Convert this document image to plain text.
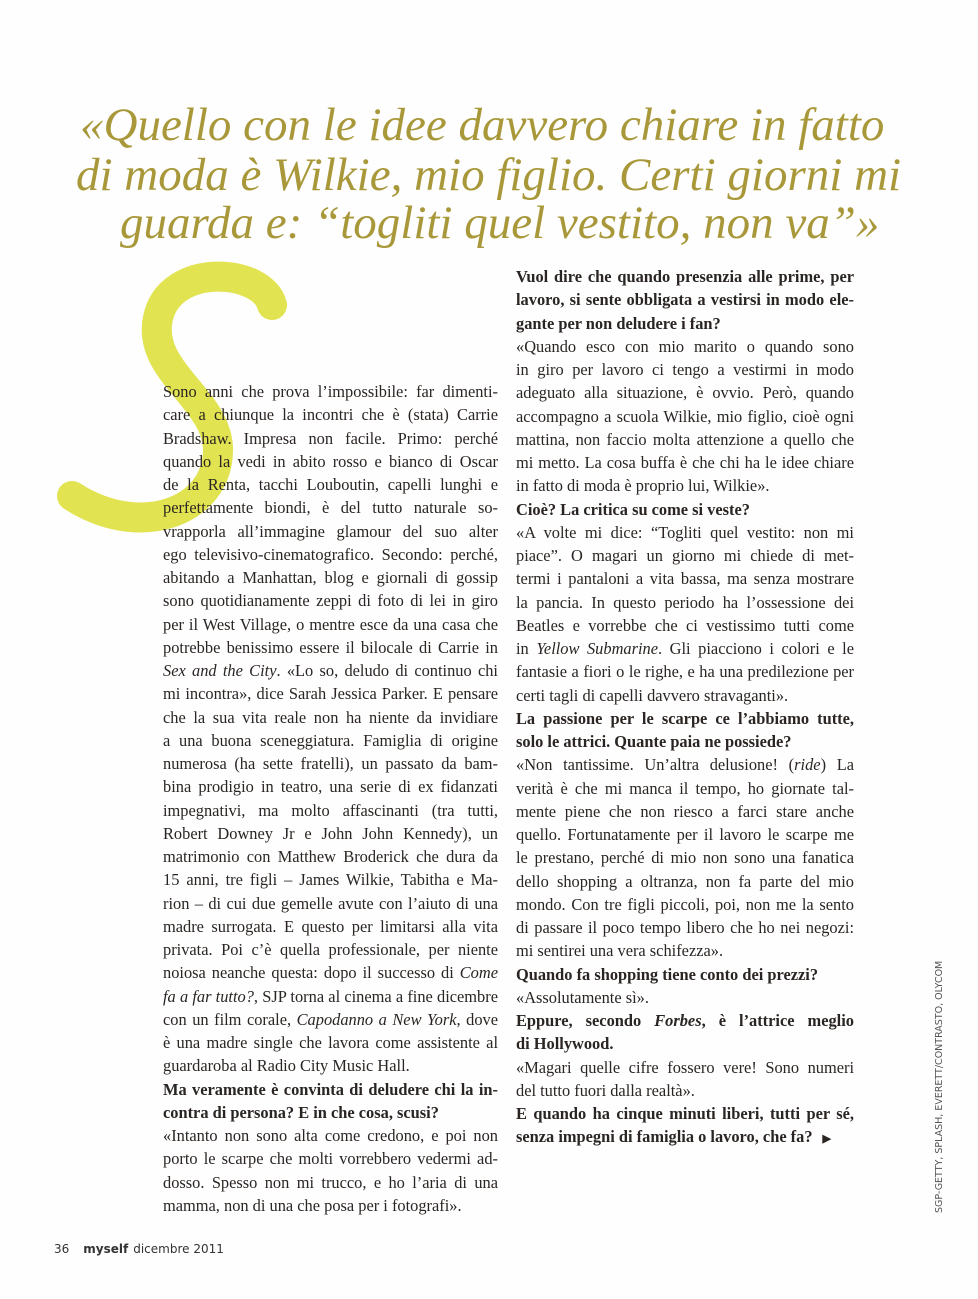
«Quello con le idee davvero chiare in fatto
di moda è Wilkie, mio figlio. Certi giorni mi
guarda e: “togliti quel vestito, non va”»
Sono anni che prova l’impossibile: far dimenti-
care a chiunque la incontri che è (stata) Carrie
Bradshaw. Impresa non facile. Primo: perché
quando la vedi in abito rosso e bianco di Oscar
de la Renta, tacchi Louboutin, capelli lunghi e
perfettamente biondi, è del tutto naturale so-
vrapporla all’immagine glamour del suo alter
ego televisivo-cinematografico. Secondo: perché,
abitando a Manhattan, blog e giornali di gossip
sono quotidianamente zeppi di foto di lei in giro
per il West Village, o mentre esce da una casa che
potrebbe benissimo essere il bilocale di Carrie in
Sex and the City. «Lo so, deludo di continuo chi
mi incontra», dice Sarah Jessica Parker. E pensare
che la sua vita reale non ha niente da invidiare
a una buona sceneggiatura. Famiglia di origine
numerosa (ha sette fratelli), un passato da bam-
bina prodigio in teatro, una serie di ex fidanzati
impegnativi, ma molto affascinanti (tra tutti,
Robert Downey Jr e John John Kennedy), un
matrimonio con Matthew Broderick che dura da
15 anni, tre figli – James Wilkie, Tabitha e Ma-
rion – di cui due gemelle avute con l’aiuto di una
madre surrogata. E questo per limitarsi alla vita
privata. Poi c’è quella professionale, per niente
noiosa neanche questa: dopo il successo di Come
fa a far tutto?, SJP torna al cinema a fine dicembre
con un film corale, Capodanno a New York, dove
è una madre single che lavora come assistente al
guardaroba al Radio City Music Hall.
Ma veramente è convinta di deludere chi la in-
contra di persona? E in che cosa, scusi?
«Intanto non sono alta come credono, e poi non
porto le scarpe che molti vorrebbero vedermi ad-
dosso. Spesso non mi trucco, e ho l’aria di una
mamma, non di una che posa per i fotografi».
Vuol dire che quando presenzia alle prime, per
lavoro, si sente obbligata a vestirsi in modo ele-
gante per non deludere i fan?
«Quando esco con mio marito o quando sono
in giro per lavoro ci tengo a vestirmi in modo
adeguato alla situazione, è ovvio. Però, quando
accompagno a scuola Wilkie, mio figlio, cioè ogni
mattina, non faccio molta attenzione a quello che
mi metto. La cosa buffa è che chi ha le idee chiare
in fatto di moda è proprio lui, Wilkie».
Cioè? La critica su come si veste?
«A volte mi dice: “Togliti quel vestito: non mi
piace”. O magari un giorno mi chiede di met-
termi i pantaloni a vita bassa, ma senza mostrare
la pancia. In questo periodo ha l’ossessione dei
Beatles e vorrebbe che ci vestissimo tutti come
in Yellow Submarine. Gli piacciono i colori e le
fantasie a fiori o le righe, e ha una predilezione per
certi tagli di capelli davvero stravaganti».
La passione per le scarpe ce l’abbiamo tutte,
solo le attrici. Quante paia ne possiede?
«Non tantissime. Un’altra delusione! (ride) La
verità è che mi manca il tempo, ho giornate tal-
mente piene che non riesco a farci stare anche
quello. Fortunatamente per il lavoro le scarpe me
le prestano, perché di mio non sono una fanatica
dello shopping a oltranza, non fa parte del mio
mondo. Con tre figli piccoli, poi, non me la sento
di passare il poco tempo libero che ho nei negozi:
mi sentirei una vera schifezza».
Quando fa shopping tiene conto dei prezzi?
«Assolutamente sì».
Eppure, secondo Forbes, è l’attrice meglio
di Hollywood.
«Magari quelle cifre fossero vere! Sono numeri
del tutto fuori dalla realtà».
E quando ha cinque minuti liberi, tutti per sé,
senza impegni di famiglia o lavoro, che fa? ▶
36 myself dicembre 2011
SGP-GETTY, SPLASH, EVERETT/CONTRASTO, OLYCOM
